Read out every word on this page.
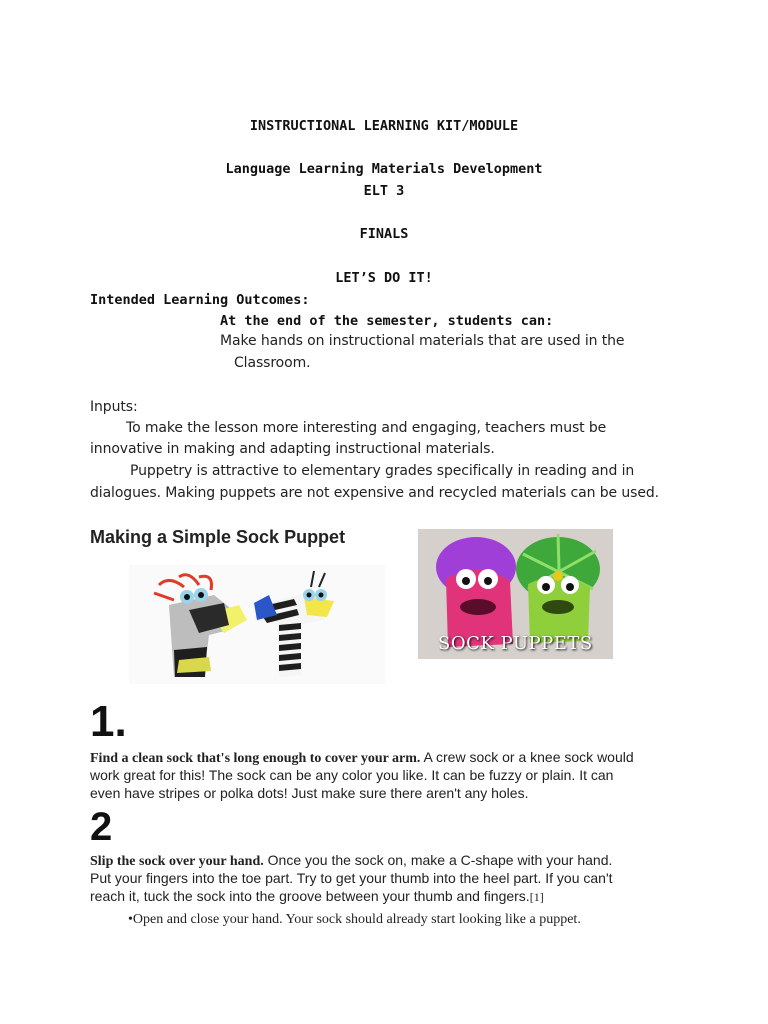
INSTRUCTIONAL LEARNING KIT/MODULE
Language Learning Materials Development
ELT 3
FINALS
LET’S DO IT!
Intended Learning Outcomes:
At the end of the semester, students can:
Make hands on instructional materials that are used in the
Classroom.
Inputs:
To make the lesson more interesting and engaging, teachers must be
innovative in making and adapting instructional materials.
Puppetry is attractive to elementary grades specifically in reading and in
dialogues. Making puppets are not expensive and recycled materials can be used.
Making a Simple Sock Puppet
SOCK PUPPETS
1.
Find a clean sock that's long enough to cover your arm. A crew sock or a knee sock would
work great for this! The sock can be any color you like. It can be fuzzy or plain. It can
even have stripes or polka dots! Just make sure there aren't any holes.
2
Slip the sock over your hand. Once you the sock on, make a C-shape with your hand.
Put your fingers into the toe part. Try to get your thumb into the heel part. If you can't
reach it, tuck the sock into the groove between your thumb and fingers.[1]
•Open and close your hand. Your sock should already start looking like a puppet.
